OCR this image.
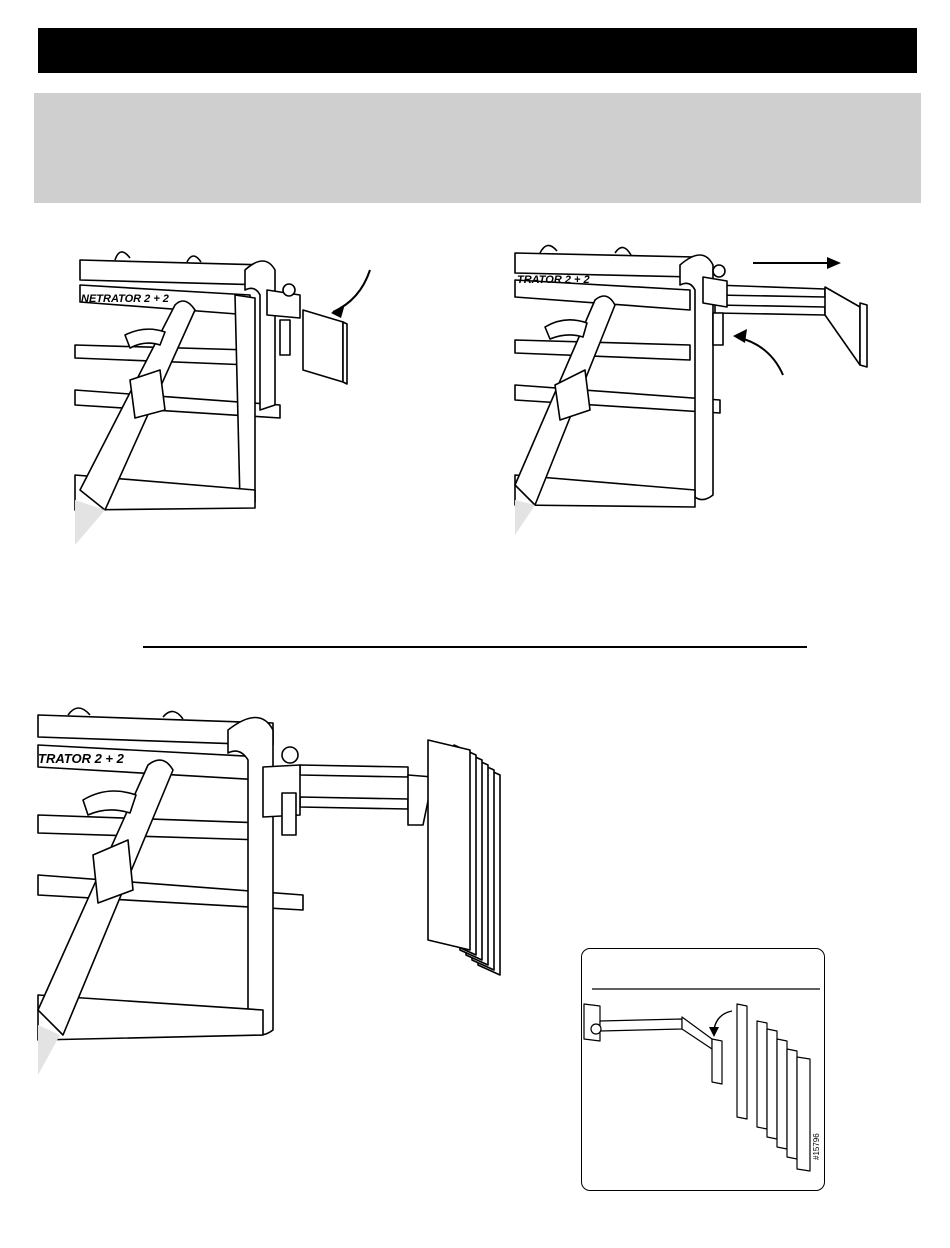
NETRATOR 2 + 2
TRATOR 2 + 2
TRATOR 2 + 2
#15796
